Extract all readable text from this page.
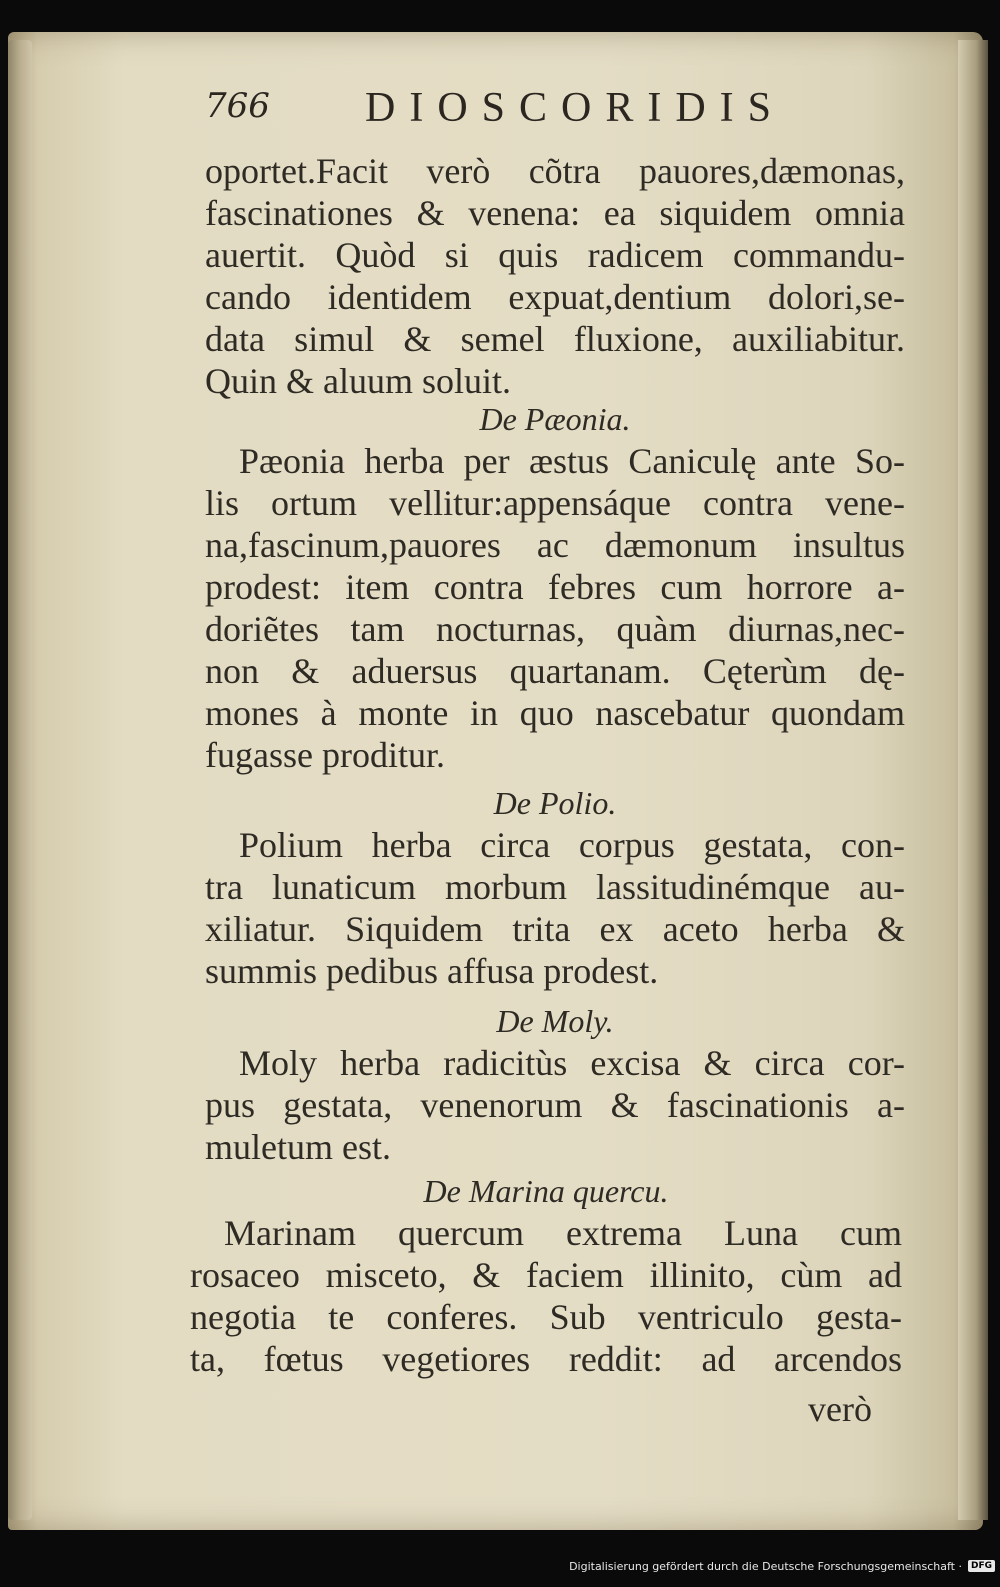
766 DIOSCORIDIS
oportet.Facit verò cõtra pauores,dæmonas,
fascinationes & venena: ea siquidem omnia
auertit. Quòd si quis radicem commandu-
cando identidem expuat,dentium dolori,se-
data simul & semel fluxione, auxiliabitur.
Quin & aluum soluit.
De Pæonia.
Pæonia herba per æstus Caniculę ante So-
lis ortum vellitur:appensáque contra vene-
na,fascinum,pauores ac dæmonum insultus
prodest: item contra febres cum horrore a-
doriẽtes tam nocturnas, quàm diurnas,nec-
non & aduersus quartanam. Cęterùm dę-
mones à monte in quo nascebatur quondam
fugasse proditur.
De Polio.
Polium herba circa corpus gestata, con-
tra lunaticum morbum lassitudinémque au-
xiliatur. Siquidem trita ex aceto herba &
summis pedibus affusa prodest.
De Moly.
Moly herba radicitùs excisa & circa cor-
pus gestata, venenorum & fascinationis a-
muletum est.
De Marina quercu.
Marinam quercum extrema Luna cum
rosaceo misceto, & faciem illinito, cùm ad
negotia te conferes. Sub ventriculo gesta-
ta, fœtus vegetiores reddit: ad arcendos
verò
Digitalisierung gefördert durch die Deutsche Forschungsgemeinschaft ·	DFG
